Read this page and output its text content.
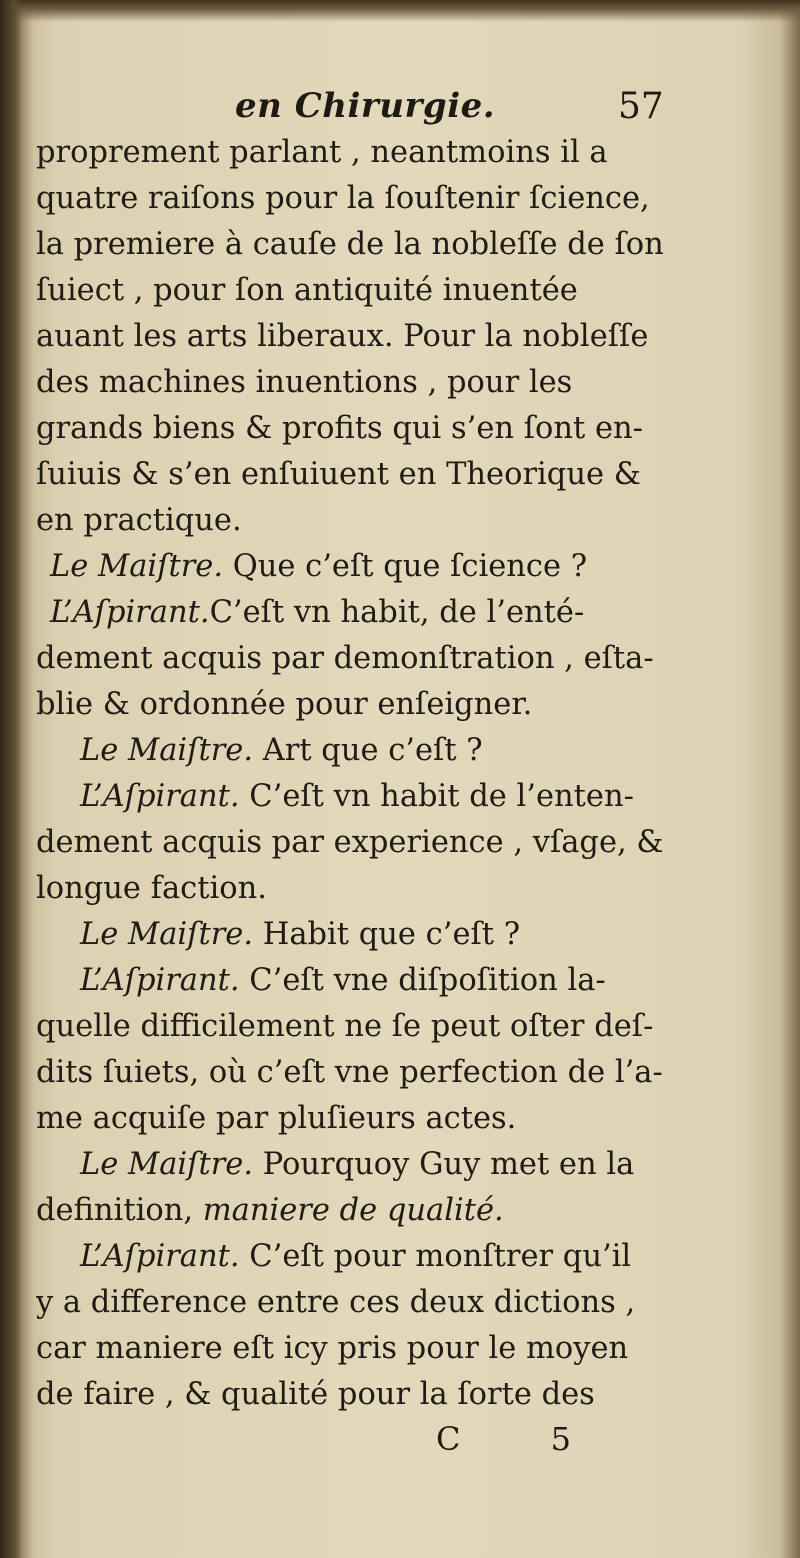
en Chirurgie.	57
proprement parlant , neantmoins il a
quatre raiſons pour la ſouſtenir ſcience,
la premiere à cauſe de la nobleſſe de ſon
ſuiect , pour ſon antiquité inuentée
auant les arts liberaux. Pour la nobleſſe
des machines inuentions , pour les
grands biens & profits qui s’en ſont en-
ſuiuis & s’en enſuiuent en Theorique &
en practique.
Le Maiſtre. Que c’eſt que ſcience ?
L’Aſpirant.C’eſt vn habit, de l’enté-
dement acquis par demonſtration , eſta-
blie & ordonnée pour enſeigner.
Le Maiſtre. Art que c’eſt ?
L’Aſpirant. C’eſt vn habit de l’enten-
dement acquis par experience , vſage, &
longue faction.
Le Maiſtre. Habit que c’eſt ?
L’Aſpirant. C’eſt vne diſpoſition la-
quelle difficilement ne ſe peut oſter deſ-
dits ſuiets, où c’eſt vne perfection de l’a-
me acquiſe par pluſieurs actes.
Le Maiſtre. Pourquoy Guy met en la
definition, maniere de qualité.
L’Aſpirant. C’eſt pour monſtrer qu’il
y a difference entre ces deux dictions ,
car maniere eſt icy pris pour le moyen
de faire , & qualité pour la ſorte des
C 5
